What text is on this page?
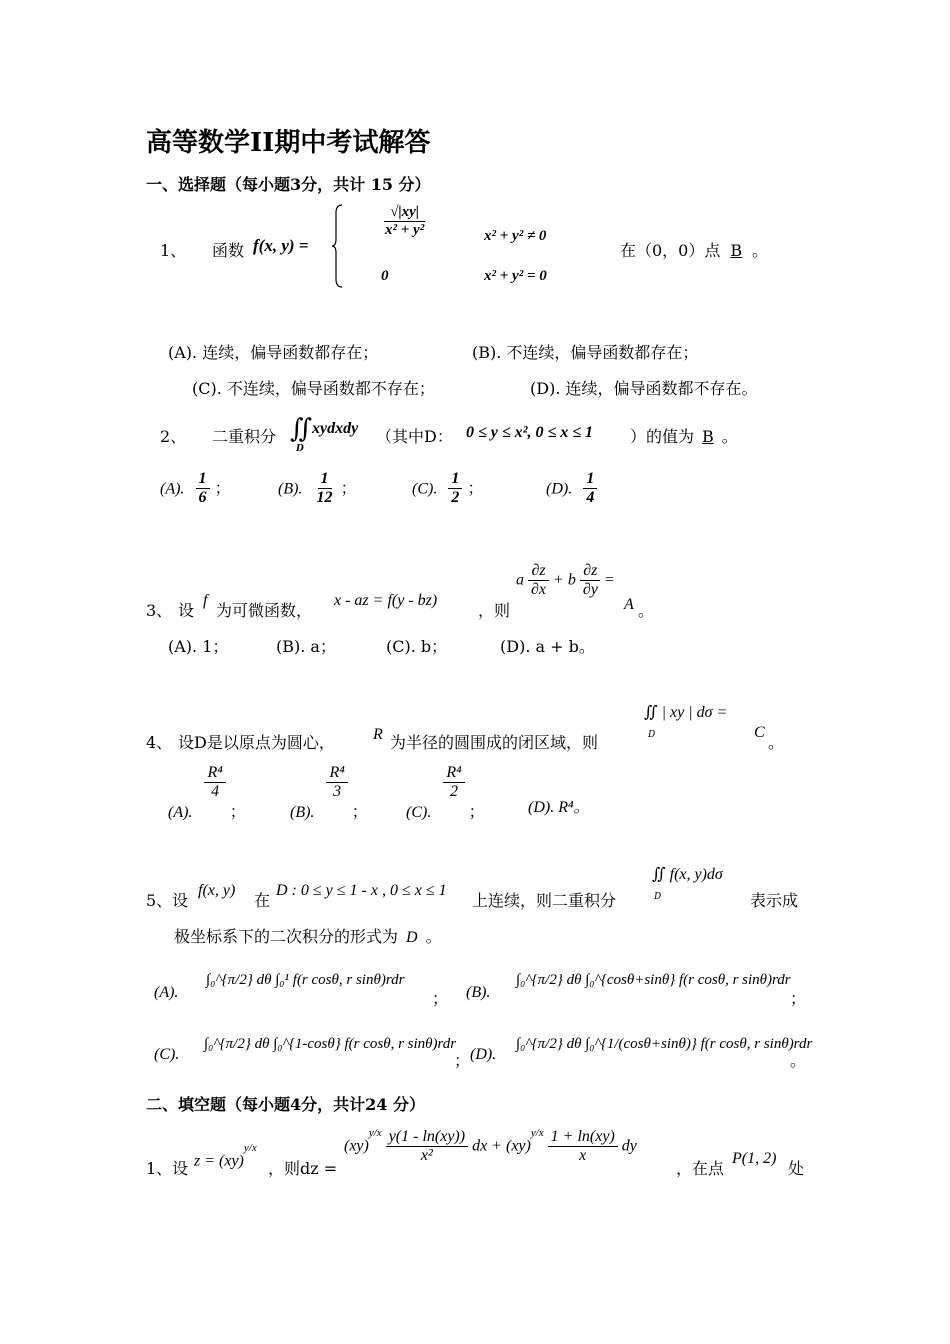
高等数学II期中考试解答
一、选择题（每小题3分，共计 15 分）
1、 函数 f(x, y) =
$\frac{√|xy|}{\text{x² + y²}}$	x² + y² ≠ 0
0	x² + y² = 0
在（0，0）点 B 。
(A). 连续，偏导函数都存在；	(B). 不连续，偏导函数都存在；
(C). 不连续，偏导函数都不存在；	(D). 连续，偏导函数都不存在。
2、 二重积分 ∬
D
xydxdy （其中D： 0 ≤ y ≤ x², 0 ≤ x ≤ 1 ）的值为 B 。
(A). $\frac{1}{6}$ ；	(B). $\frac{1}{12}$ ；	(C). $\frac{1}{2}$ ；	(D). $\frac{1}{4}$
3、 设
f
为可微函数，
x - az = f(y - bz)
，则
a $\frac{\partial z}{\partial x} + b \frac{\partial z}{\partial y}$ =
A 。
(A). 1；	(B). a；	(C). b；	(D). a + b。
4、 设D是以原点为圆心， R 为半径的圆围成的闭区域，则
∬ | xy | dσ =
D	C
。
(A).
$\frac{\text{R⁴}}{4}$
；	(B).
$\frac{\text{R⁴}}{3}$
； (C).
$\frac{\text{R⁴}}{2}$
；	(D). R⁴。
5、设
f(x, y)
在
D : 0 ≤ y ≤ 1 - x , 0 ≤ x ≤ 1
上连续，则二重积分
∬ f(x, y)dσ
D	表示成
极坐标系下的二次积分的形式为 D 。
(A).
∫₀^{π/2} dθ ∫₀¹ f(r cosθ, r sinθ)rdr
； (B).
∫₀^{π/2} dθ ∫₀^{cosθ+sinθ} f(r cosθ, r sinθ)rdr
；
(C).
∫₀^{π/2} dθ ∫₀^{1-cosθ} f(r cosθ, r sinθ)rdr
； (D).
∫₀^{π/2} dθ ∫₀^{1/(cosθ+sinθ)} f(r cosθ, r sinθ)rdr
。
二、填空题（每小题4分，共计24 分）
1、设 z = (xy)$^{y/x}$
，则dz =
$(xy)^{y/x} \frac{y(1 - \ln(xy))}{\text{x²}}$ dx + $(xy)^{y/x} \frac{1 + \ln(xy)}{x}$ dy
，在点
P(1, 2)
处
